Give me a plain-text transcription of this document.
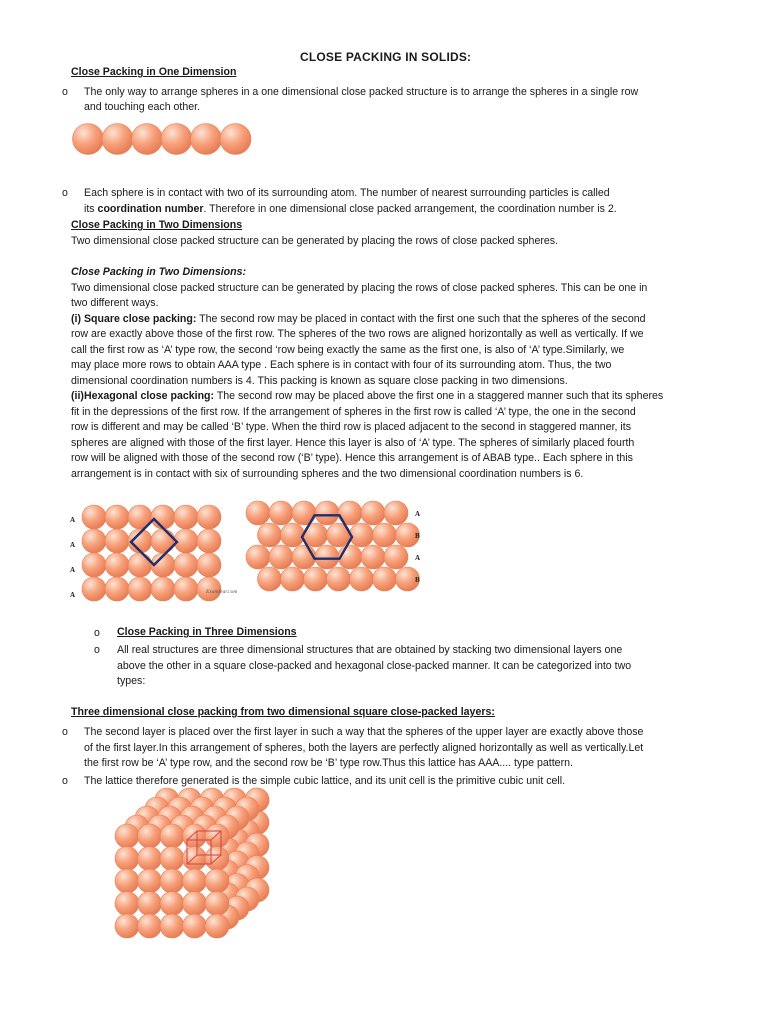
CLOSE PACKING IN SOLIDS:
Close Packing in One Dimension
o The only way to arrange spheres in a one dimensional close packed structure is to arrange the spheres in a single row
and touching each other.
o Each sphere is in contact with two of its surrounding atom. The number of nearest surrounding particles is called
its coordination number. Therefore in one dimensional close packed arrangement, the coordination number is 2.
Close Packing in Two Dimensions
Two dimensional close packed structure can be generated by placing the rows of close packed spheres.
Close Packing in Two Dimensions:
Two dimensional close packed structure can be generated by placing the rows of close packed spheres. This can be one in
two different ways.
(i) Square close packing: The second row may be placed in contact with the first one such that the spheres of the second
row are exactly above those of the first row. The spheres of the two rows are aligned horizontally as well as vertically. If we
call the first row as ‘A’ type row, the second ‘row being exactly the same as the first one, is also of ‘A’ type.Similarly, we
may place more rows to obtain AAA type . Each sphere is in contact with four of its surrounding atom. Thus, the two
dimensional coordination numbers is 4. This packing is known as square close packing in two dimensions.
(ii)Hexagonal close packing: The second row may be placed above the first one in a staggered manner such that its spheres
fit in the depressions of the first row. If the arrangement of spheres in the first row is called ‘A’ type, the one in the second
row is different and may be called ‘B’ type. When the third row is placed adjacent to the second in staggered manner, its
spheres are aligned with those of the first layer. Hence this layer is also of ‘A’ type. The spheres of similarly placed fourth
row will be aligned with those of the second row (‘B’ type). Hence this arrangement is of ABAB type.. Each sphere in this
arrangement is in contact with six of surrounding spheres and the two dimensional coordination numbers is 6.
A
A
A
A	Examfear.com
A
B
A
B
o Close Packing in Three Dimensions
o All real structures are three dimensional structures that are obtained by stacking two dimensional layers one
above the other in a square close-packed and hexagonal close-packed manner. It can be categorized into two
types:
Three dimensional close packing from two dimensional square close-packed layers:
o The second layer is placed over the first layer in such a way that the spheres of the upper layer are exactly above those
of the first layer.In this arrangement of spheres, both the layers are perfectly aligned horizontally as well as vertically.Let
the first row be ‘A’ type row, and the second row be ‘B’ type row.Thus this lattice has AAA.... type pattern.
o The lattice therefore generated is the simple cubic lattice, and its unit cell is the primitive cubic unit cell.
